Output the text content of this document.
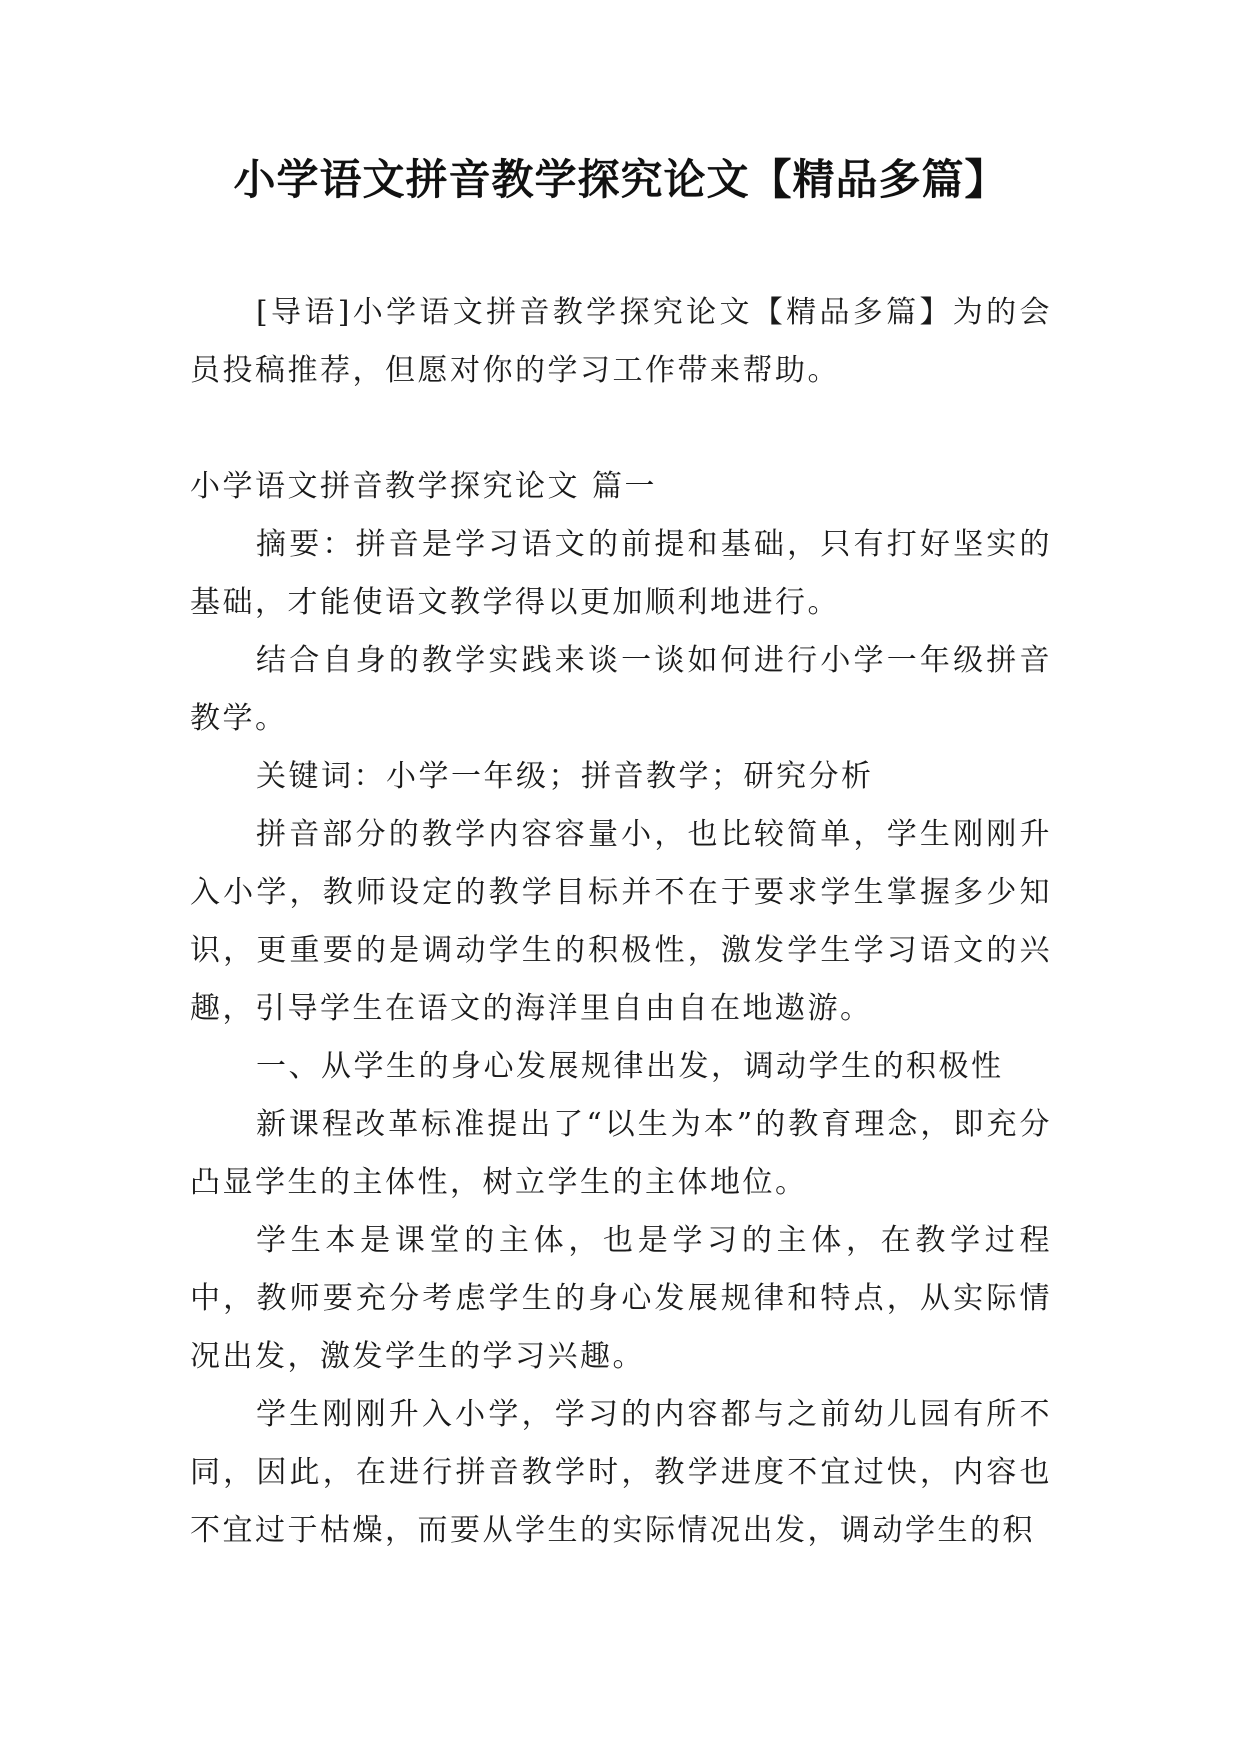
小学语文拼音教学探究论文【精品多篇】

[导语]小学语文拼音教学探究论文【精品多篇】为的会员投稿推荐，但愿对你的学习工作带来帮助。

小学语文拼音教学探究论文 篇一

摘要：拼音是学习语文的前提和基础，只有打好坚实的基础，才能使语文教学得以更加顺利地进行。

结合自身的教学实践来谈一谈如何进行小学一年级拼音教学。

关键词：小学一年级；拼音教学；研究分析

拼音部分的教学内容容量小，也比较简单，学生刚刚升入小学，教师设定的教学目标并不在于要求学生掌握多少知识，更重要的是调动学生的积极性，激发学生学习语文的兴趣，引导学生在语文的海洋里自由自在地遨游。

一、从学生的身心发展规律出发，调动学生的积极性

新课程改革标准提出了“以生为本”的教育理念，即充分凸显学生的主体性，树立学生的主体地位。

学生本是课堂的主体，也是学习的主体，在教学过程中，教师要充分考虑学生的身心发展规律和特点，从实际情况出发，激发学生的学习兴趣。

学生刚刚升入小学，学习的内容都与之前幼儿园有所不同，因此，在进行拼音教学时，教学进度不宜过快，内容也不宜过于枯燥，而要从学生的实际情况出发，调动学生的积
